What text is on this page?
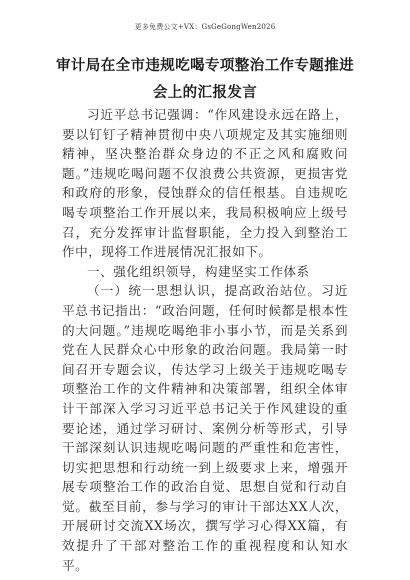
更多免费公文+VX：GsGeGongWen2026
审计局在全市违规吃喝专项整治工作专题推进会上的汇报发言

习近平总书记强调：“作风建设永远在路上，要以钉钉子精神贯彻中央八项规定及其实施细则精神，坚决整治群众身边的不正之风和腐败问题。”违规吃喝问题不仅浪费公共资源，更损害党和政府的形象，侵蚀群众的信任根基。自违规吃喝专项整治工作开展以来，我局积极响应上级号召，充分发挥审计监督职能，全力投入到整治工作中，现将工作进展情况汇报如下。

一、强化组织领导，构建坚实工作体系

（一）统一思想认识，提高政治站位。习近平总书记指出：“政治问题，任何时候都是根本性的大问题。”违规吃喝绝非小事小节，而是关系到党在人民群众心中形象的政治问题。我局第一时间召开专题会议，传达学习上级关于违规吃喝专项整治工作的文件精神和决策部署，组织全体审计干部深入学习习近平总书记关于作风建设的重要论述，通过学习研讨、案例分析等形式，引导干部深刻认识违规吃喝问题的严重性和危害性，切实把思想和行动统一到上级要求上来，增强开展专项整治工作的政治自觉、思想自觉和行动自觉。截至目前，参与学习的审计干部达XX人次，开展研讨交流XX场次，撰写学习心得XX篇，有效提升了干部对整治工作的重视程度和认知水平。
